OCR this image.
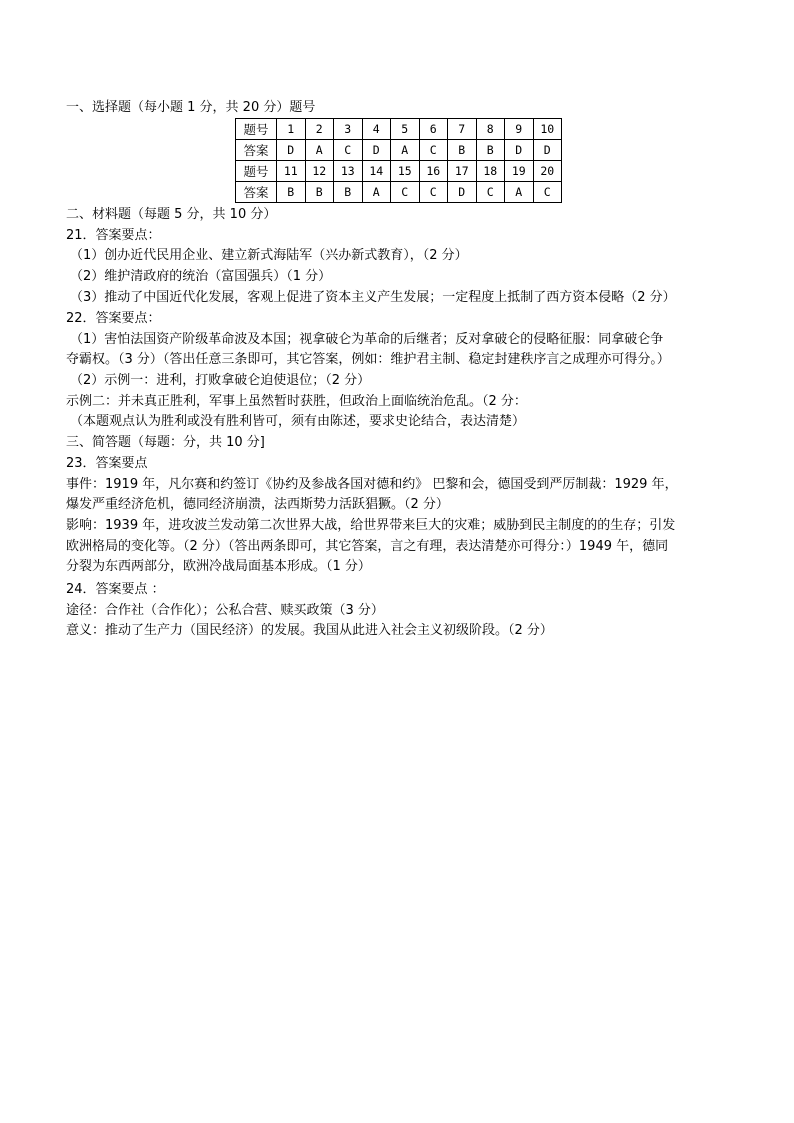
一、选择题（每小题 1 分，共 20 分）题号
题号	1	2	3	4	5	6	7	8	9	10
答案	D	A	C	D	A	C	B	B	D	D
题号	11	12	13	14	15	16	17	18	19	20
答案	B	B	B	A	C	C	D	C	A	C
二、材料题（每题 5 分，共 10 分）
21．答案要点：
（1）创办近代民用企业、建立新式海陆军（兴办新式教育），（2 分）
（2）维护清政府的统治（富国强兵）（1 分）
（3）推动了中国近代化发展，客观上促进了资本主义产生发展；一定程度上抵制了西方资本侵略（2 分）
22．答案要点：
（1）害怕法国资产阶级革命波及本国；视拿破仑为革命的后继者；反对拿破仑的侵略征服：同拿破仑争
夺霸权。（3 分）（答出任意三条即可，其它答案，例如：维护君主制、稳定封建秩序言之成理亦可得分。）
（2）示例一：进利，打败拿破仑迫使退位；（2 分）
示例二：并未真正胜利，军事上虽然暂时获胜，但政治上面临统治危乱。（2 分：
（本题观点认为胜利或没有胜利皆可，须有由陈述，要求史论结合，表达清楚）
三、简答题（每题：分，共 10 分]
23．答案要点
事件：1919 年，凡尔赛和约签订《协约及参战各国对德和约》 巴黎和会，德国受到严厉制裁：1929 年，
爆发严重经济危机，德同经济崩溃，法西斯势力活跃猖獗。（2 分）
影响：1939 年，进攻波兰发动第二次世界大战，给世界带来巨大的灾难；威胁到民主制度的的生存；引发
欧洲格局的变化等。（2 分）（答出两条即可，其它答案，言之有理，表达清楚亦可得分：）1949 午，德同
分裂为东西两部分，欧洲冷战局面基本形成。（1 分）
24．答案要点 ：
途径：合作社（合作化）；公私合营、赎买政策（3 分）
意义：推动了生产力（国民经济）的发展。我国从此进入社会主义初级阶段。（2 分）
